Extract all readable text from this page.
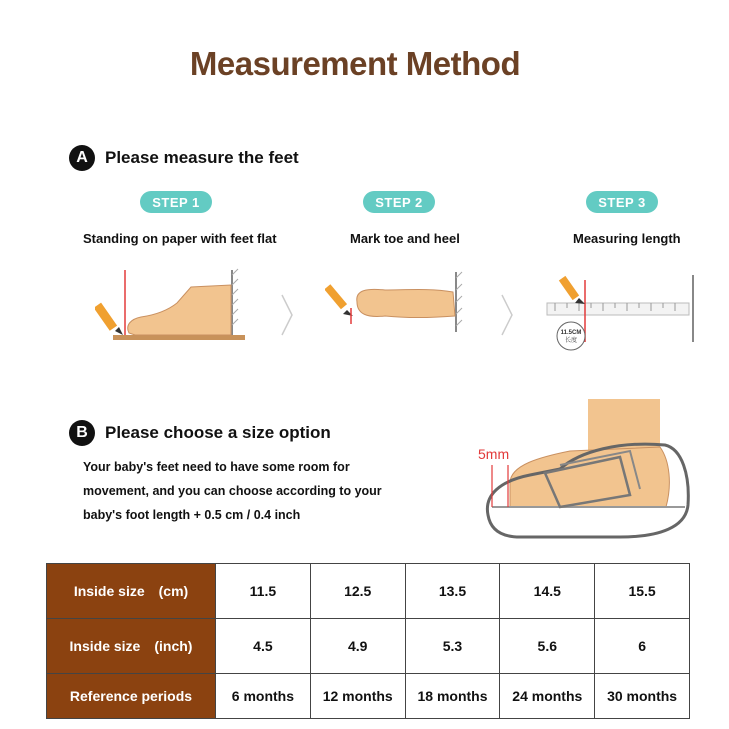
Measurement Method
A	Please measure the feet
STEP 1	STEP 2	STEP 3
Standing on paper with feet flat	Mark toe and heel	Measuring length
11.5CM
长度
B	Please choose a size option
Your baby's feet need to have some room for
movement, and you can choose according to your
baby's foot length + 0.5 cm / 0.4 inch
5mm
Inside size　(cm)	11.5	12.5	13.5	14.5	15.5
Inside size　(inch)	4.5	4.9	5.3	5.6	6
Reference periods	6 months	12 months	18 months	24 months	30 months
